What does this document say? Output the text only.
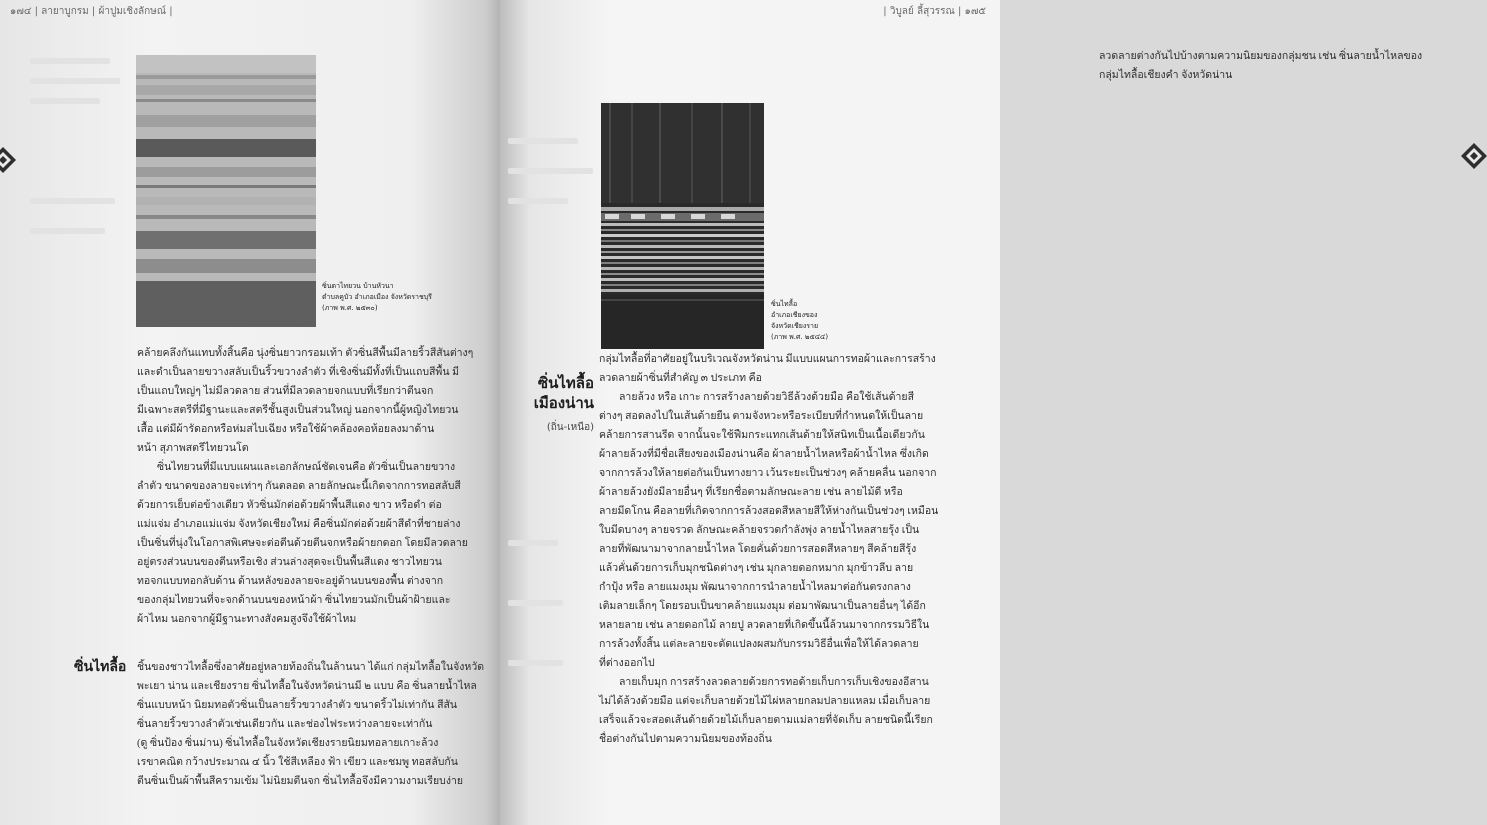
๑๗๔ | ลายาบูกรม | ผ้าปูมเชิงลักษณ์ |
ซิ่นตาไทยวน บ้านหัวนา
ตำบลคูบัว อำเภอเมือง จังหวัดราชบุรี
(ภาพ พ.ศ. ๒๕๓๐)
คล้ายคลึงกันแทบทั้งสิ้นคือ นุ่งซิ่นยาวกรอมเท้า ตัวซิ่นสีพื้นมีลายริ้วสีสันต่างๆ
และดำเป็นลายขวางสลับเป็นริ้วขวางลำตัว ที่เชิงซิ่นมีทั้งที่เป็นแถบสีพื้น มี
เป็นแถบใหญ่ๆ ไม่มีลวดลาย ส่วนที่มีลวดลายจกแบบที่เรียกว่าตีนจก
มีเฉพาะสตรีที่มีฐานะและสตรีชั้นสูงเป็นส่วนใหญ่ นอกจากนี้ผู้หญิงไทยวน
เสื้อ แต่มีผ้ารัดอกหรือห่มสไบเฉียง หรือใช้ผ้าคล้องคอห้อยลงมาด้าน
หน้า สุภาพสตรีไทยวนโต
ซิ่นไทยวนที่มีแบบแผนและเอกลักษณ์ชัดเจนคือ ตัวซิ่นเป็นลายขวาง
ลำตัว ขนาดของลายจะเท่าๆ กันตลอด ลายลักษณะนี้เกิดจากการทอสลับสี
ด้วยการเย็บต่อข้างเดียว หัวซิ่นมักต่อด้วยผ้าพื้นสีแดง ขาว หรือดำ ต่อ
แม่แจ่ม อำเภอแม่แจ่ม จังหวัดเชียงใหม่ คือซิ่นมักต่อด้วยผ้าสีดำที่ชายล่าง
เป็นซิ่นที่นุ่งในโอกาสพิเศษจะต่อตีนด้วยตีนจกหรือผ้ายกดอก โดยมีลวดลาย
อยู่ตรงส่วนบนของตีนหรือเชิง ส่วนล่างสุดจะเป็นพื้นสีแดง ชาวไทยวน
ทอจกแบบทอกลับด้าน ด้านหลังของลายจะอยู่ด้านบนของพื้น ต่างจาก
ของกลุ่มไทยวนที่จะจกด้านบนของหน้าผ้า ซิ่นไทยวนมักเป็นผ้าฝ้ายและ
ผ้าไหม นอกจากผู้มีฐานะทางสังคมสูงจึงใช้ผ้าไหม
ซิ่นไทลื้อ ชิ้นของชาวไทลื้อซึ่งอาศัยอยู่หลายท้องถิ่นในล้านนา ได้แก่ กลุ่มไทลื้อในจังหวัด
พะเยา น่าน และเชียงราย ซิ่นไทลื้อในจังหวัดน่านมี ๒ แบบ คือ ซิ่นลายน้ำไหล
ซิ่นแบบหน้า นิยมทอตัวซิ่นเป็นลายริ้วขวางลำตัว ขนาดริ้วไม่เท่ากัน สีสัน
ซิ่นลายริ้วขวางลำตัวเช่นเดียวกัน และช่องไฟระหว่างลายจะเท่ากัน
(ดู ซิ่นป้อง ซิ่นม่าน) ซิ่นไทลื้อในจังหวัดเชียงรายนิยมทอลายเกาะล้วง
เรขาคณิต กว้างประมาณ ๔ นิ้ว ใช้สีเหลือง ฟ้า เขียว และชมพู ทอสลับกัน
ตีนซิ่นเป็นผ้าพื้นสีครามเข้ม ไม่นิยมตีนจก ซิ่นไทลื้อจึงมีความงามเรียบง่าย
| วิบูลย์ ลี้สุวรรณ | ๑๗๕
ลวดลายต่างกันไปบ้างตามความนิยมของกลุ่มชน เช่น ซิ่นลายน้ำไหลของ
กลุ่มไทลื้อเชียงคำ จังหวัดน่าน
ซิ่นไทลื้อ
อำเภอเชียงของ
จังหวัดเชียงราย
(ภาพ พ.ศ. ๒๕๔๔)
ซิ่นไทลื้อ
เมืองน่าน
(ถิ่น-เหนือ)
กลุ่มไทลื้อที่อาศัยอยู่ในบริเวณจังหวัดน่าน มีแบบแผนการทอผ้าและการสร้าง
ลวดลายผ้าซิ่นที่สำคัญ ๓ ประเภท คือ
ลายล้วง หรือ เกาะ การสร้างลายด้วยวิธีล้วงด้วยมือ คือใช้เส้นด้ายสี
ต่างๆ สอดลงไปในเส้นด้ายยืน ตามจังหวะหรือระเบียบที่กำหนดให้เป็นลาย
คล้ายการสานรีด จากนั้นจะใช้ฟืมกระแทกเส้นด้ายให้สนิทเป็นเนื้อเดียวกัน
ผ้าลายล้วงที่มีชื่อเสียงของเมืองน่านคือ ผ้าลายน้ำไหลหรือผ้าน้ำไหล ซึ่งเกิด
จากการล้วงให้ลายต่อกันเป็นทางยาว เว้นระยะเป็นช่วงๆ คล้ายคลื่น นอกจาก
ผ้าลายล้วงยังมีลายอื่นๆ ที่เรียกชื่อตามลักษณะลาย เช่น ลายไม้ดี หรือ
ลายมีดโกน คือลายที่เกิดจากการล้วงสอดสีหลายสีให้ห่างกันเป็นช่วงๆ เหมือน
ใบมีดบางๆ ลายจรวด ลักษณะคล้ายจรวดกำลังพุ่ง ลายน้ำไหลสายรุ้ง เป็น
ลายที่พัฒนามาจากลายน้ำไหล โดยคั่นด้วยการสอดสีหลายๆ สีคล้ายสีรุ้ง
แล้วคั่นด้วยการเก็บมุกชนิดต่างๆ เช่น มุกลายดอกหมาก มุกข้าวลีบ ลาย
กำปุ้ง หรือ ลายแมงมุม พัฒนาจากการนำลายน้ำไหลมาต่อกันตรงกลาง
เติมลายเล็กๆ โดยรอบเป็นขาคล้ายแมงมุม ต่อมาพัฒนาเป็นลายอื่นๆ ได้อีก
หลายลาย เช่น ลายดอกไม้ ลายปู ลวดลายที่เกิดขึ้นนี้ล้วนมาจากกรรมวิธีใน
การล้วงทั้งสิ้น แต่ละลายจะดัดแปลงผสมกับกรรมวิธีอื่นเพื่อให้ได้ลวดลาย
ที่ต่างออกไป
ลายเก็บมุก การสร้างลวดลายด้วยการทอด้ายเก็บการเก็บเชิงของอีสาน
ไม่ได้ล้วงด้วยมือ แต่จะเก็บลายด้วยไม้ไผ่หลายกลมปลายแหลม เมื่อเก็บลาย
เสร็จแล้วจะสอดเส้นด้ายด้วยไม้เก็บลายตามแม่ลายที่จัดเก็บ ลายชนิดนี้เรียก
ชื่อต่างกันไปตามความนิยมของท้องถิ่น
